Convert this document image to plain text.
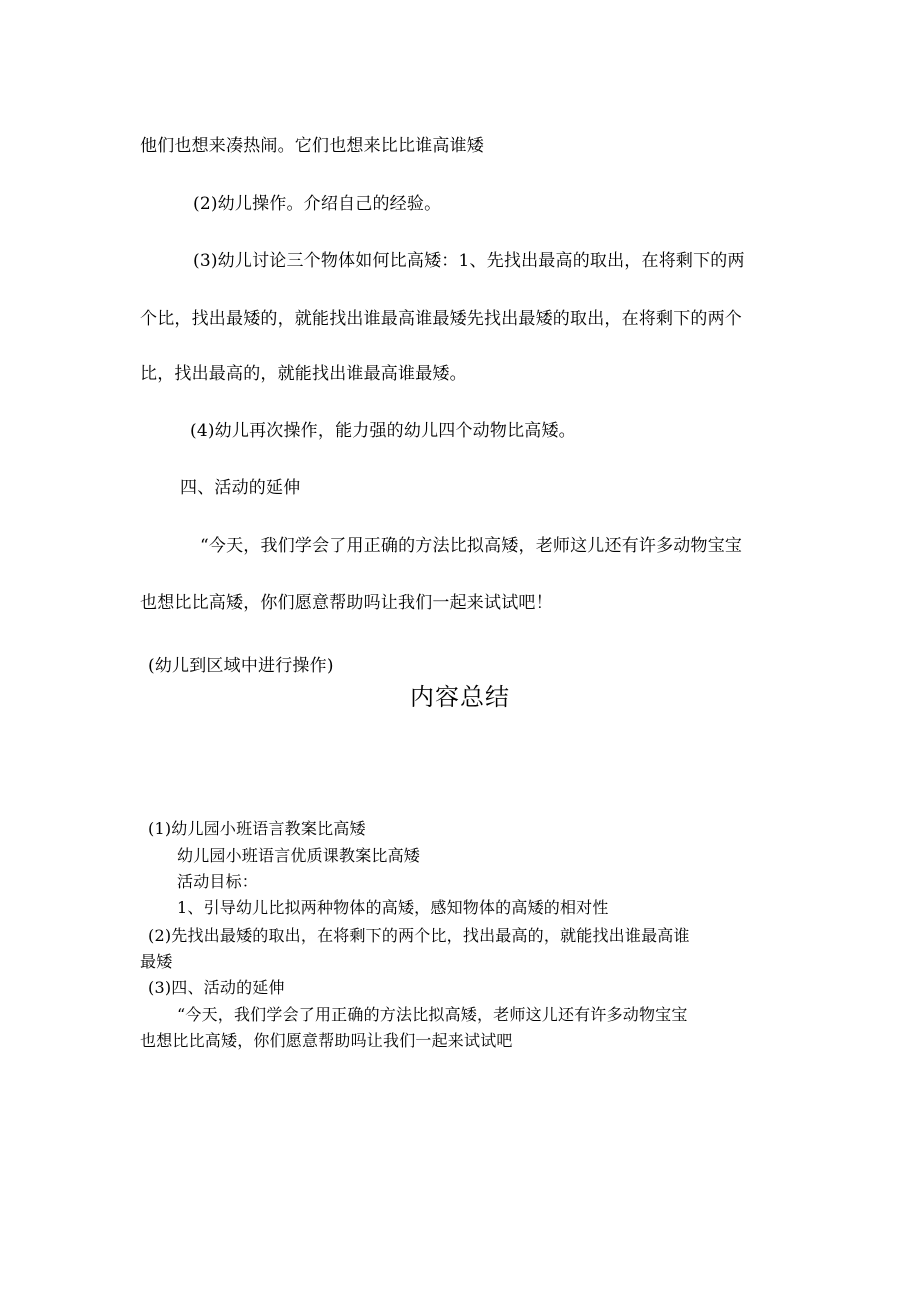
他们也想来凑热闹。它们也想来比比谁高谁矮
(2)幼儿操作。介绍自己的经验。
(3)幼儿讨论三个物体如何比高矮：1、先找出最高的取出，在将剩下的两
个比，找出最矮的，就能找出谁最高谁最矮先找出最矮的取出，在将剩下的两个
比，找出最高的，就能找出谁最高谁最矮。
(4)幼儿再次操作，能力强的幼儿四个动物比高矮。
四、活动的延伸
“今天，我们学会了用正确的方法比拟高矮，老师这儿还有许多动物宝宝
也想比比高矮，你们愿意帮助吗让我们一起来试试吧！
(幼儿到区域中进行操作)
内容总结
(1)幼儿园小班语言教案比高矮
幼儿园小班语言优质课教案比高矮
活动目标：
1、引导幼儿比拟两种物体的高矮，感知物体的高矮的相对性
(2)先找出最矮的取出，在将剩下的两个比，找出最高的，就能找出谁最高谁
最矮
(3)四、活动的延伸
“今天，我们学会了用正确的方法比拟高矮，老师这儿还有许多动物宝宝
也想比比高矮，你们愿意帮助吗让我们一起来试试吧
